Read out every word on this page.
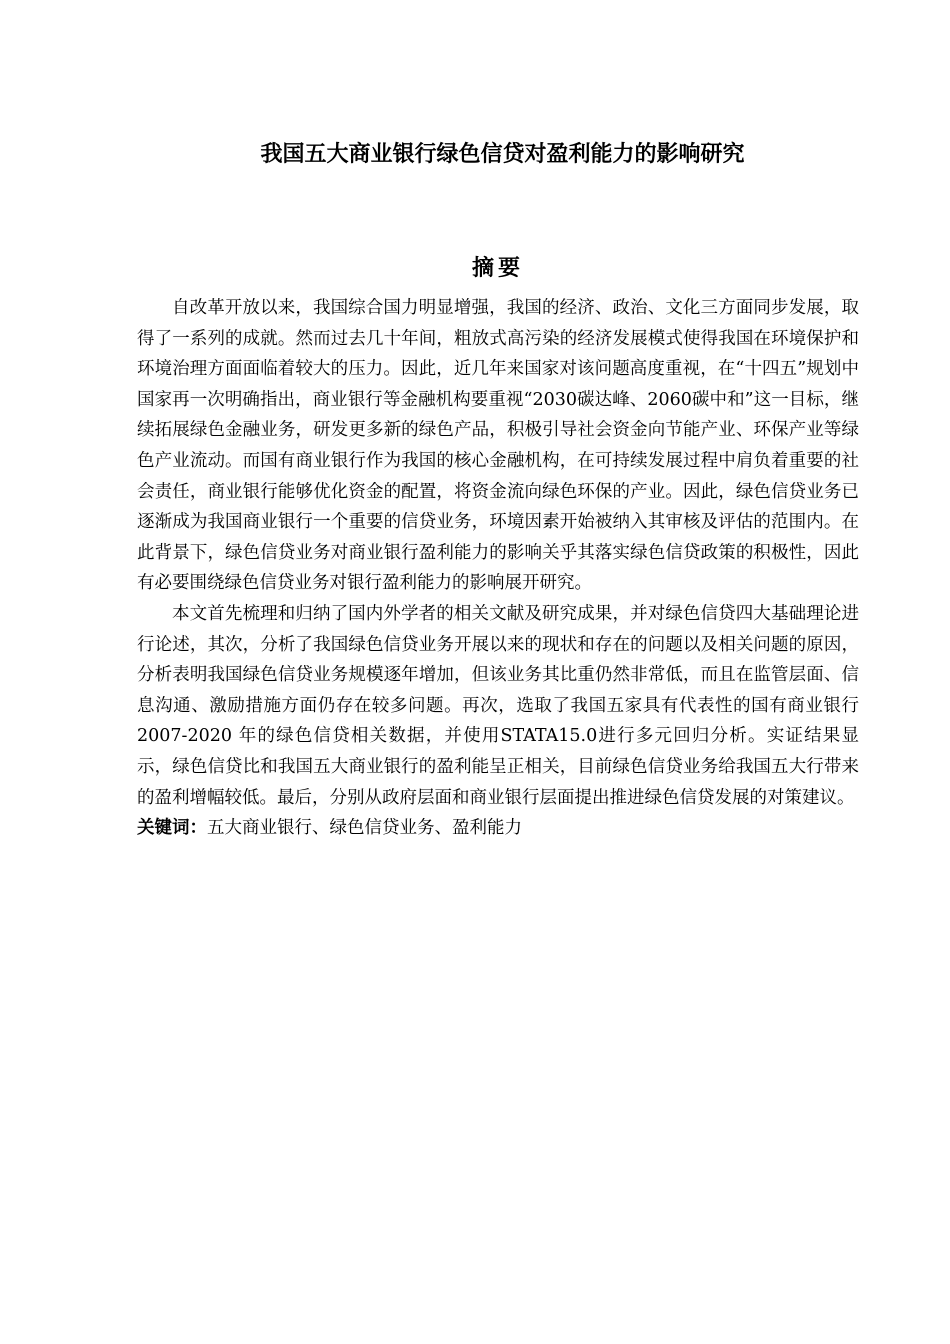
我国五大商业银行绿色信贷对盈利能力的影响研究
摘要

自改革开放以来，我国综合国力明显增强，我国的经济、政治、文化三方面同步发展，取得了一系列的成就。然而过去几十年间，粗放式高污染的经济发展模式使得我国在环境保护和环境治理方面面临着较大的压力。因此，近几年来国家对该问题高度重视，在“十四五”规划中国家再一次明确指出，商业银行等金融机构要重视“2030碳达峰、2060碳中和”这一目标，继续拓展绿色金融业务，研发更多新的绿色产品，积极引导社会资金向节能产业、环保产业等绿色产业流动。而国有商业银行作为我国的核心金融机构，在可持续发展过程中肩负着重要的社会责任，商业银行能够优化资金的配置，将资金流向绿色环保的产业。因此，绿色信贷业务已逐渐成为我国商业银行一个重要的信贷业务，环境因素开始被纳入其审核及评估的范围内。在此背景下，绿色信贷业务对商业银行盈利能力的影响关乎其落实绿色信贷政策的积极性，因此有必要围绕绿色信贷业务对银行盈利能力的影响展开研究。

本文首先梳理和归纳了国内外学者的相关文献及研究成果，并对绿色信贷四大基础理论进行论述，其次，分析了我国绿色信贷业务开展以来的现状和存在的问题以及相关问题的原因，分析表明我国绿色信贷业务规模逐年增加，但该业务其比重仍然非常低，而且在监管层面、信息沟通、激励措施方面仍存在较多问题。再次，选取了我国五家具有代表性的国有商业银行 2007-2020 年的绿色信贷相关数据，并使用STATA15.0进行多元回归分析。实证结果显示，绿色信贷比和我国五大商业银行的盈利能呈正相关，目前绿色信贷业务给我国五大行带来的盈利增幅较低。最后，分别从政府层面和商业银行层面提出推进绿色信贷发展的对策建议。

关键词：五大商业银行、绿色信贷业务、盈利能力
